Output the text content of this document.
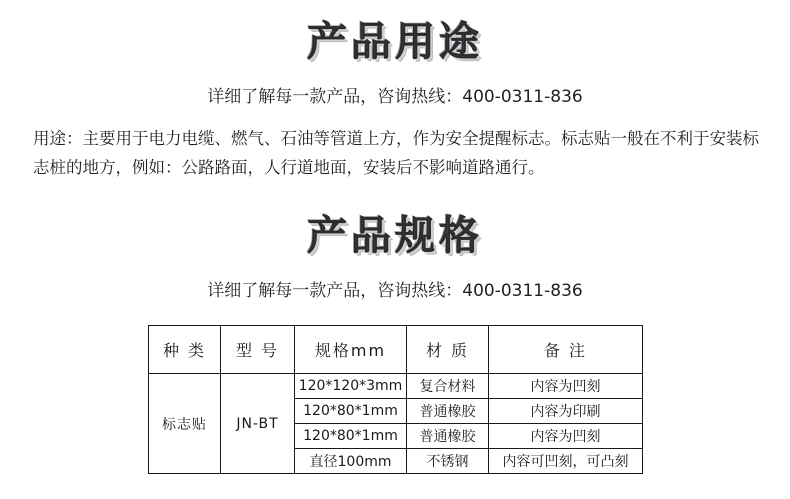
产品用途
详细了解每一款产品，咨询热线：400-0311-836
用途：主要用于电力电缆、燃气、石油等管道上方，作为安全提醒标志。标志贴一般在不利于安装标志桩的地方，例如：公路路面，人行道地面，安装后不影响道路通行。
产品规格
详细了解每一款产品，咨询热线：400-0311-836
种 类	型 号	规格mm	材 质	备 注
标志贴	JN-BT	120*120*3mm	复合材料	内容为凹刻
		120*80*1mm	普通橡胶	内容为印刷
		120*80*1mm	普通橡胶	内容为凹刻
		直径100mm	不锈钢	内容可凹刻，可凸刻
